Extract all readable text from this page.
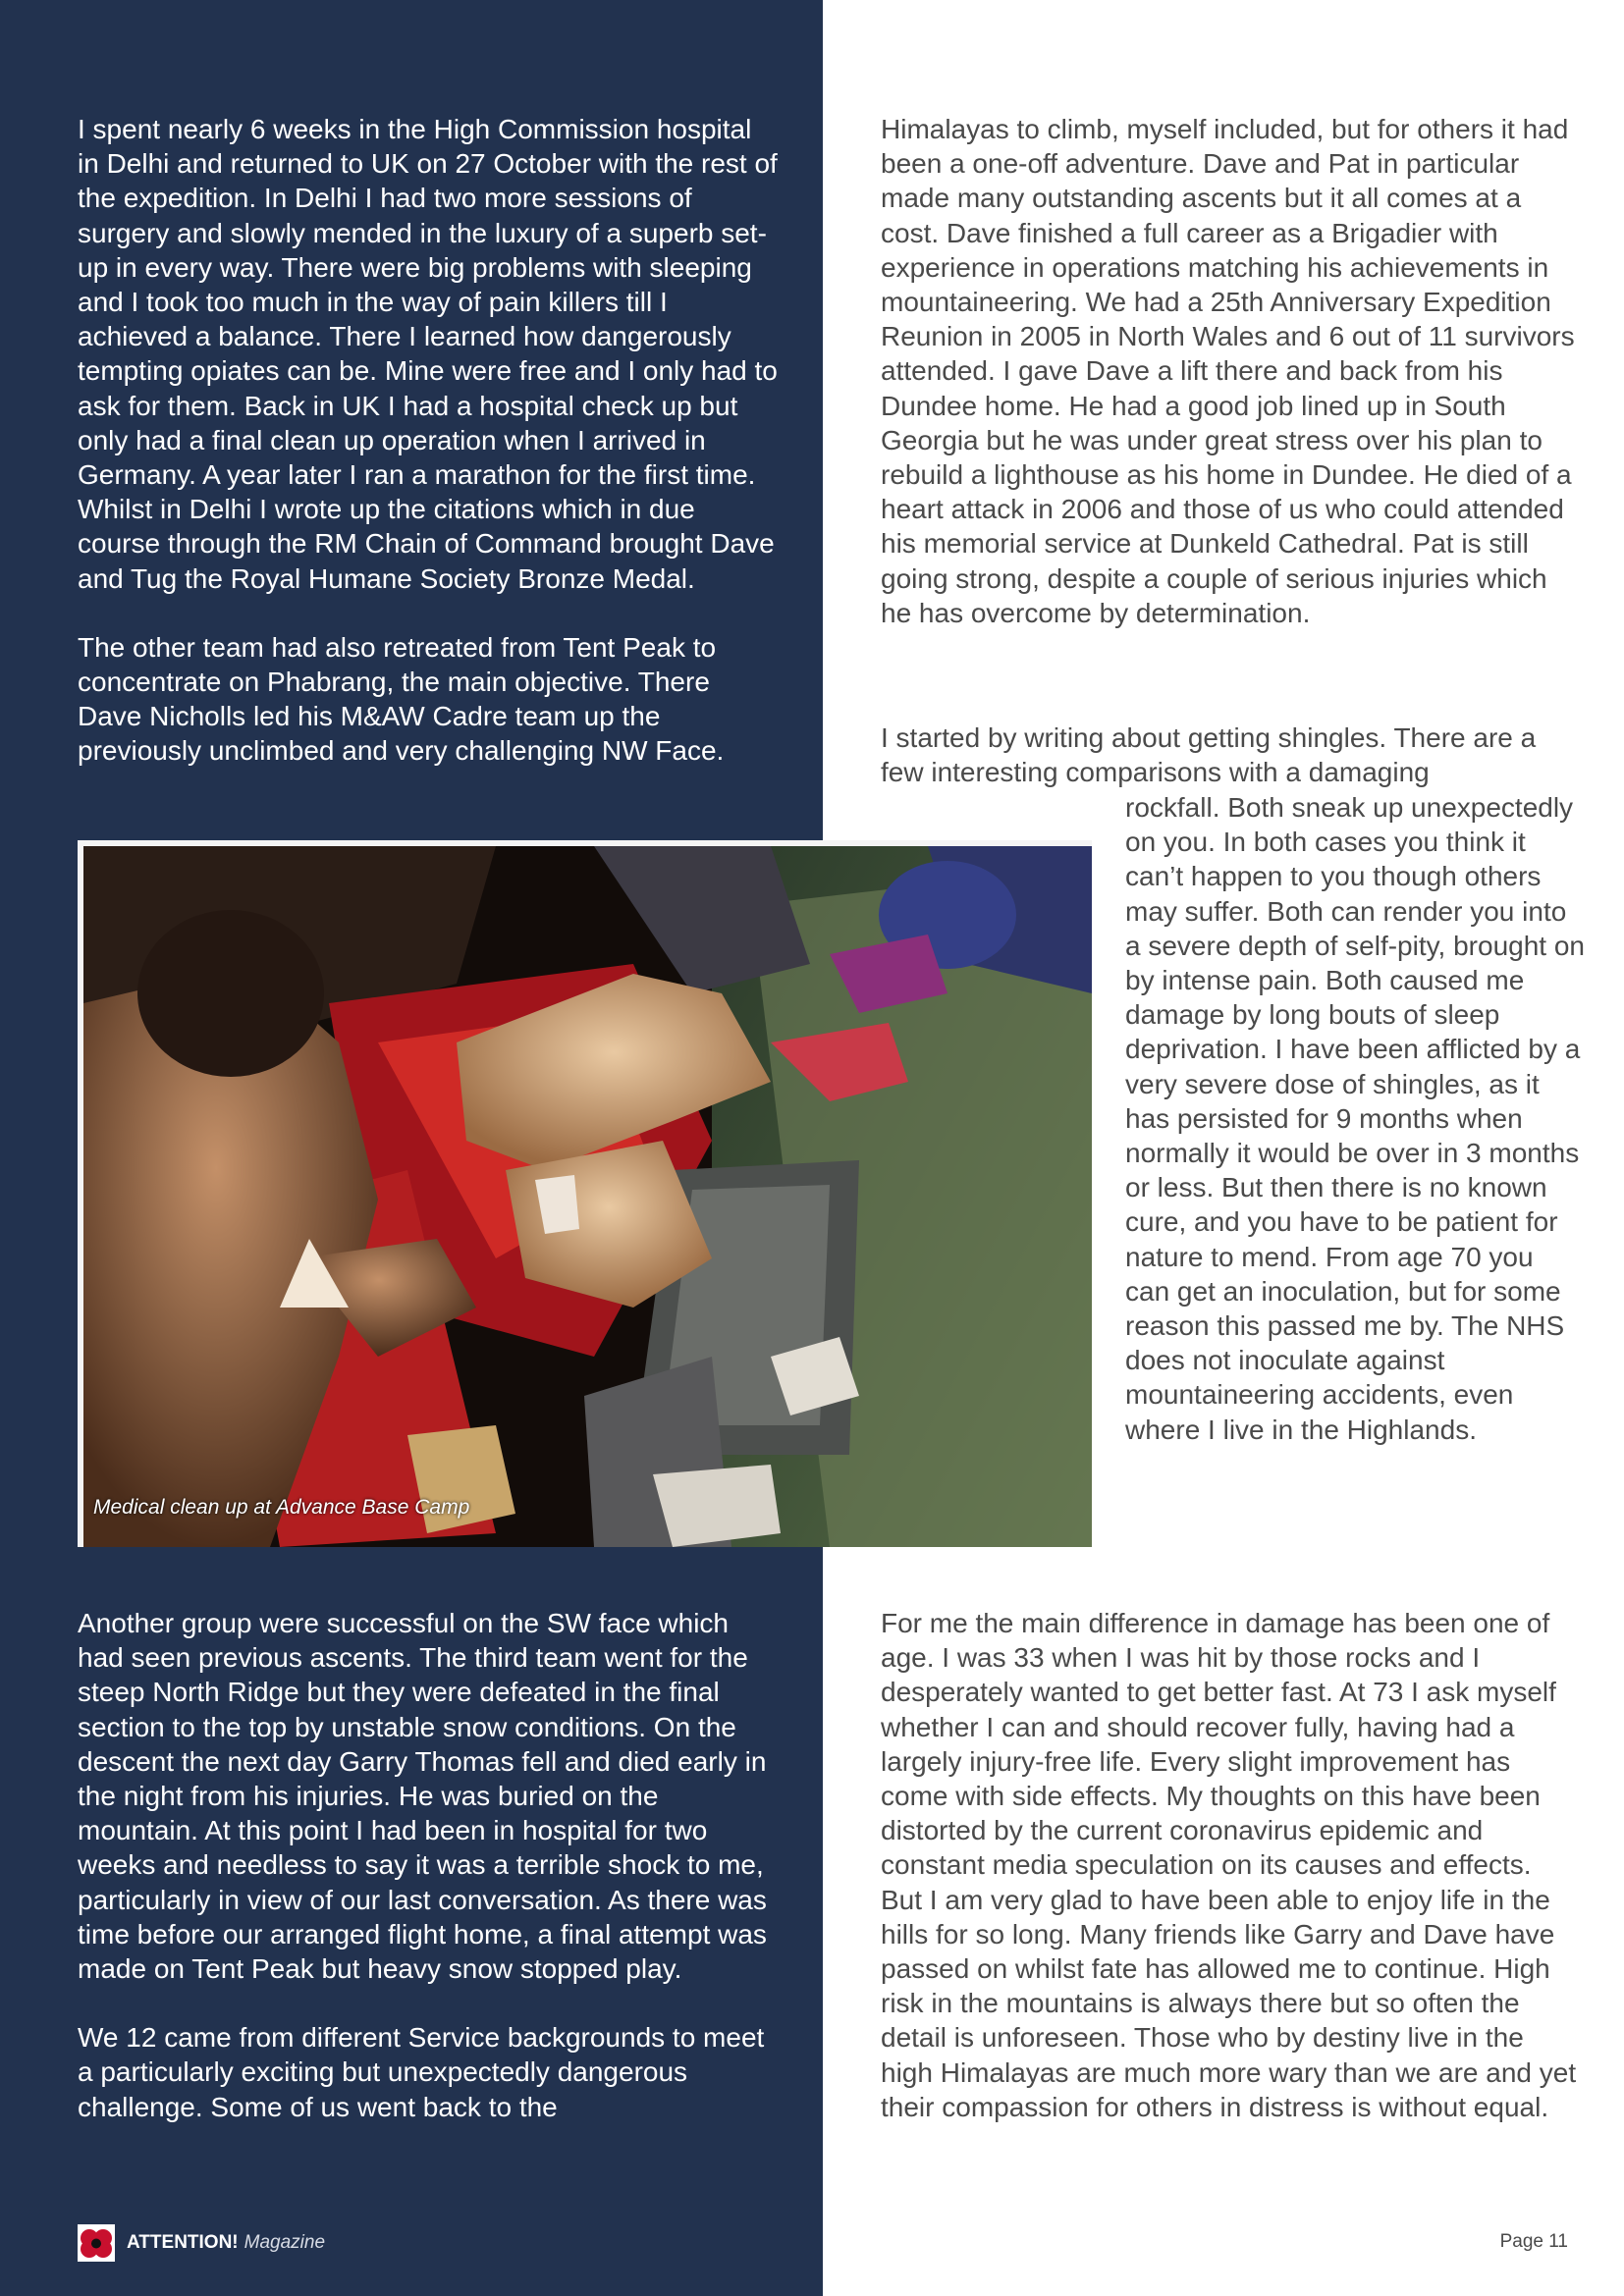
I spent nearly 6 weeks in the High Commission hospital in Delhi and returned to UK on 27 October with the rest of the expedition. In Delhi I had two more sessions of surgery and slowly mended in the luxury of a superb set-up in every way. There were big problems with sleeping and I took too much in the way of pain killers till I achieved a balance. There I learned how dangerously tempting opiates can be. Mine were free and I only had to ask for them. Back in UK I had a hospital check up but only had a final clean up operation when I arrived in Germany. A year later I ran a marathon for the first time. Whilst in Delhi I wrote up the citations which in due course through the RM Chain of Command brought Dave and Tug the Royal Humane Society Bronze Medal.

The other team had also retreated from Tent Peak to concentrate on Phabrang, the main objective. There Dave Nicholls led his M&AW Cadre team up the previously unclimbed and very challenging NW Face.

Himalayas to climb, myself included, but for others it had been a one-off adventure. Dave and Pat in particular made many outstanding ascents but it all comes at a cost. Dave finished a full career as a Brigadier with experience in operations matching his achievements in mountaineering. We had a 25th Anniversary Expedition Reunion in 2005 in North Wales and 6 out of 11 survivors attended. I gave Dave a lift there and back from his Dundee home. He had a good job lined up in South Georgia but he was under great stress over his plan to rebuild a lighthouse as his home in Dundee. He died of a heart attack in 2006 and those of us who could attended his memorial service at Dunkeld Cathedral. Pat is still going strong, despite a couple of serious injuries which he has overcome by determination.

I started by writing about getting shingles. There are a few interesting comparisons with a damaging

rockfall. Both sneak up unexpectedly on you. In both cases you think it can’t happen to you though others may suffer. Both can render you into a severe depth of self-pity, brought on by intense pain. Both caused me damage by long bouts of sleep deprivation. I have been afflicted by a very severe dose of shingles, as it has persisted for 9 months when normally it would be over in 3 months or less. But then there is no known cure, and you have to be patient for nature to mend. From age 70 you can get an inoculation, but for some reason this passed me by. The NHS does not inoculate against mountaineering accidents, even where I live in the Highlands.

Medical clean up at Advance Base Camp

Another group were successful on the SW face which had seen previous ascents. The third team went for the steep North Ridge but they were defeated in the final section to the top by unstable snow conditions. On the descent the next day Garry Thomas fell and died early in the night from his injuries. He was buried on the mountain. At this point I had been in hospital for two weeks and needless to say it was a terrible shock to me, particularly in view of our last conversation. As there was time before our arranged flight home, a final attempt was made on Tent Peak but heavy snow stopped play.

We 12 came from different Service backgrounds to meet a particularly exciting but unexpectedly dangerous challenge. Some of us went back to the

For me the main difference in damage has been one of age. I was 33 when I was hit by those rocks and I desperately wanted to get better fast. At 73 I ask myself whether I can and should recover fully, having had a largely injury-free life. Every slight improvement has come with side effects. My thoughts on this have been distorted by the current coronavirus epidemic and constant media speculation on its causes and effects. But I am very glad to have been able to enjoy life in the hills for so long. Many friends like Garry and Dave have passed on whilst fate has allowed me to continue. High risk in the mountains is always there but so often the detail is unforeseen. Those who by destiny live in the high Himalayas are much more wary than we are and yet their compassion for others in distress is without equal.

ATTENTION! Magazine	Page 11
